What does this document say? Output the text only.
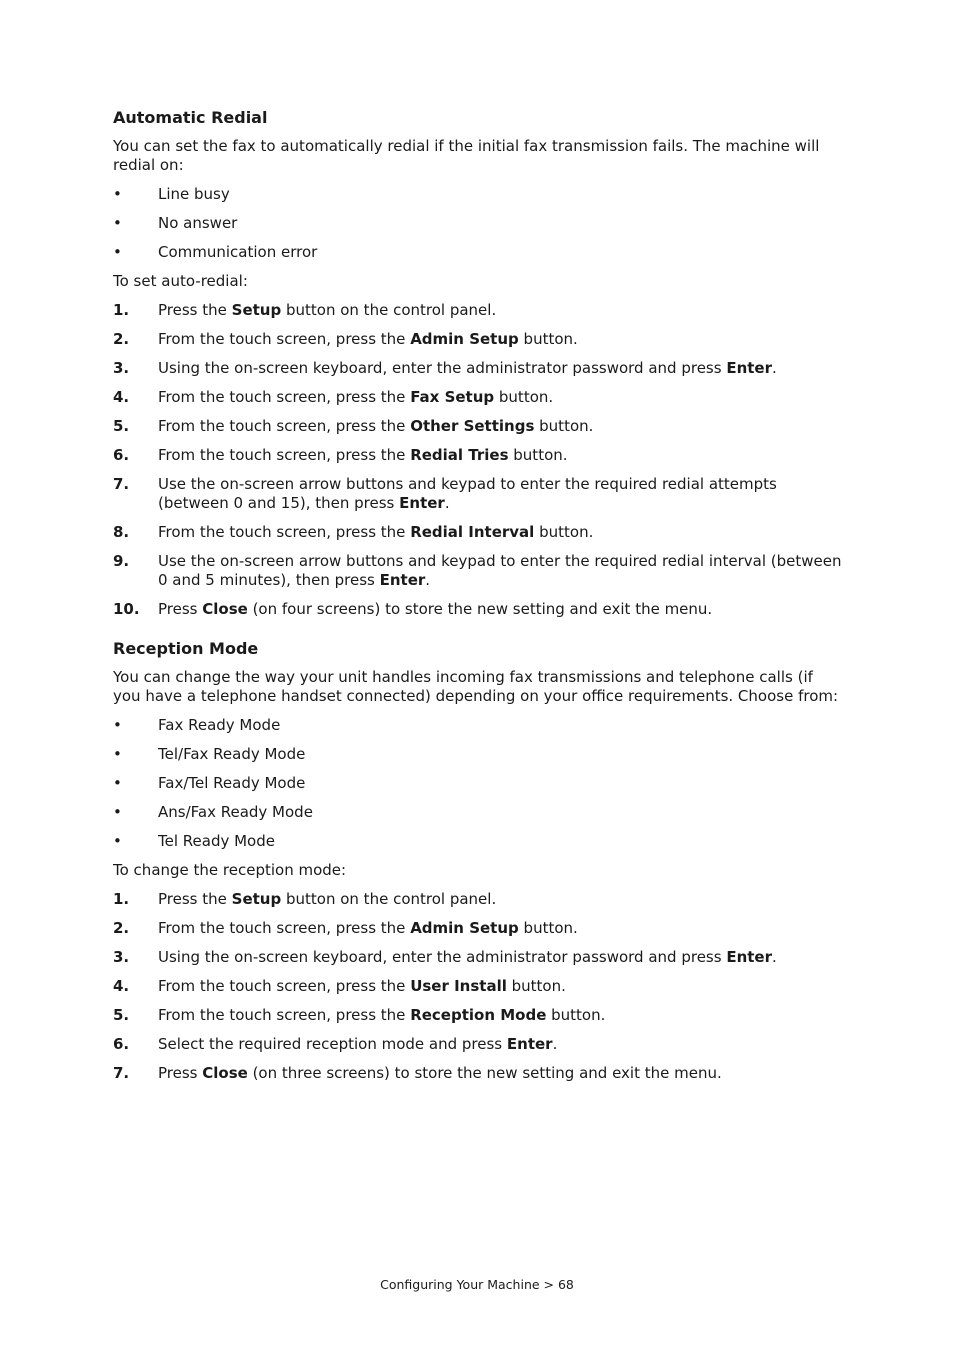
Automatic Redial

You can set the fax to automatically redial if the initial fax transmission fails. The machine will redial on:

• Line busy
• No answer
• Communication error

To set auto-redial:

1. Press the Setup button on the control panel.
2. From the touch screen, press the Admin Setup button.
3. Using the on-screen keyboard, enter the administrator password and press Enter.
4. From the touch screen, press the Fax Setup button.
5. From the touch screen, press the Other Settings button.
6. From the touch screen, press the Redial Tries button.
7. Use the on-screen arrow buttons and keypad to enter the required redial attempts (between 0 and 15), then press Enter.
8. From the touch screen, press the Redial Interval button.
9. Use the on-screen arrow buttons and keypad to enter the required redial interval (between 0 and 5 minutes), then press Enter.
10. Press Close (on four screens) to store the new setting and exit the menu.
Reception Mode

You can change the way your unit handles incoming fax transmissions and telephone calls (if you have a telephone handset connected) depending on your office requirements. Choose from:

• Fax Ready Mode
• Tel/Fax Ready Mode
• Fax/Tel Ready Mode
• Ans/Fax Ready Mode
• Tel Ready Mode

To change the reception mode:

1. Press the Setup button on the control panel.
2. From the touch screen, press the Admin Setup button.
3. Using the on-screen keyboard, enter the administrator password and press Enter.
4. From the touch screen, press the User Install button.
5. From the touch screen, press the Reception Mode button.
6. Select the required reception mode and press Enter.
7. Press Close (on three screens) to store the new setting and exit the menu.
Configuring Your Machine > 68
